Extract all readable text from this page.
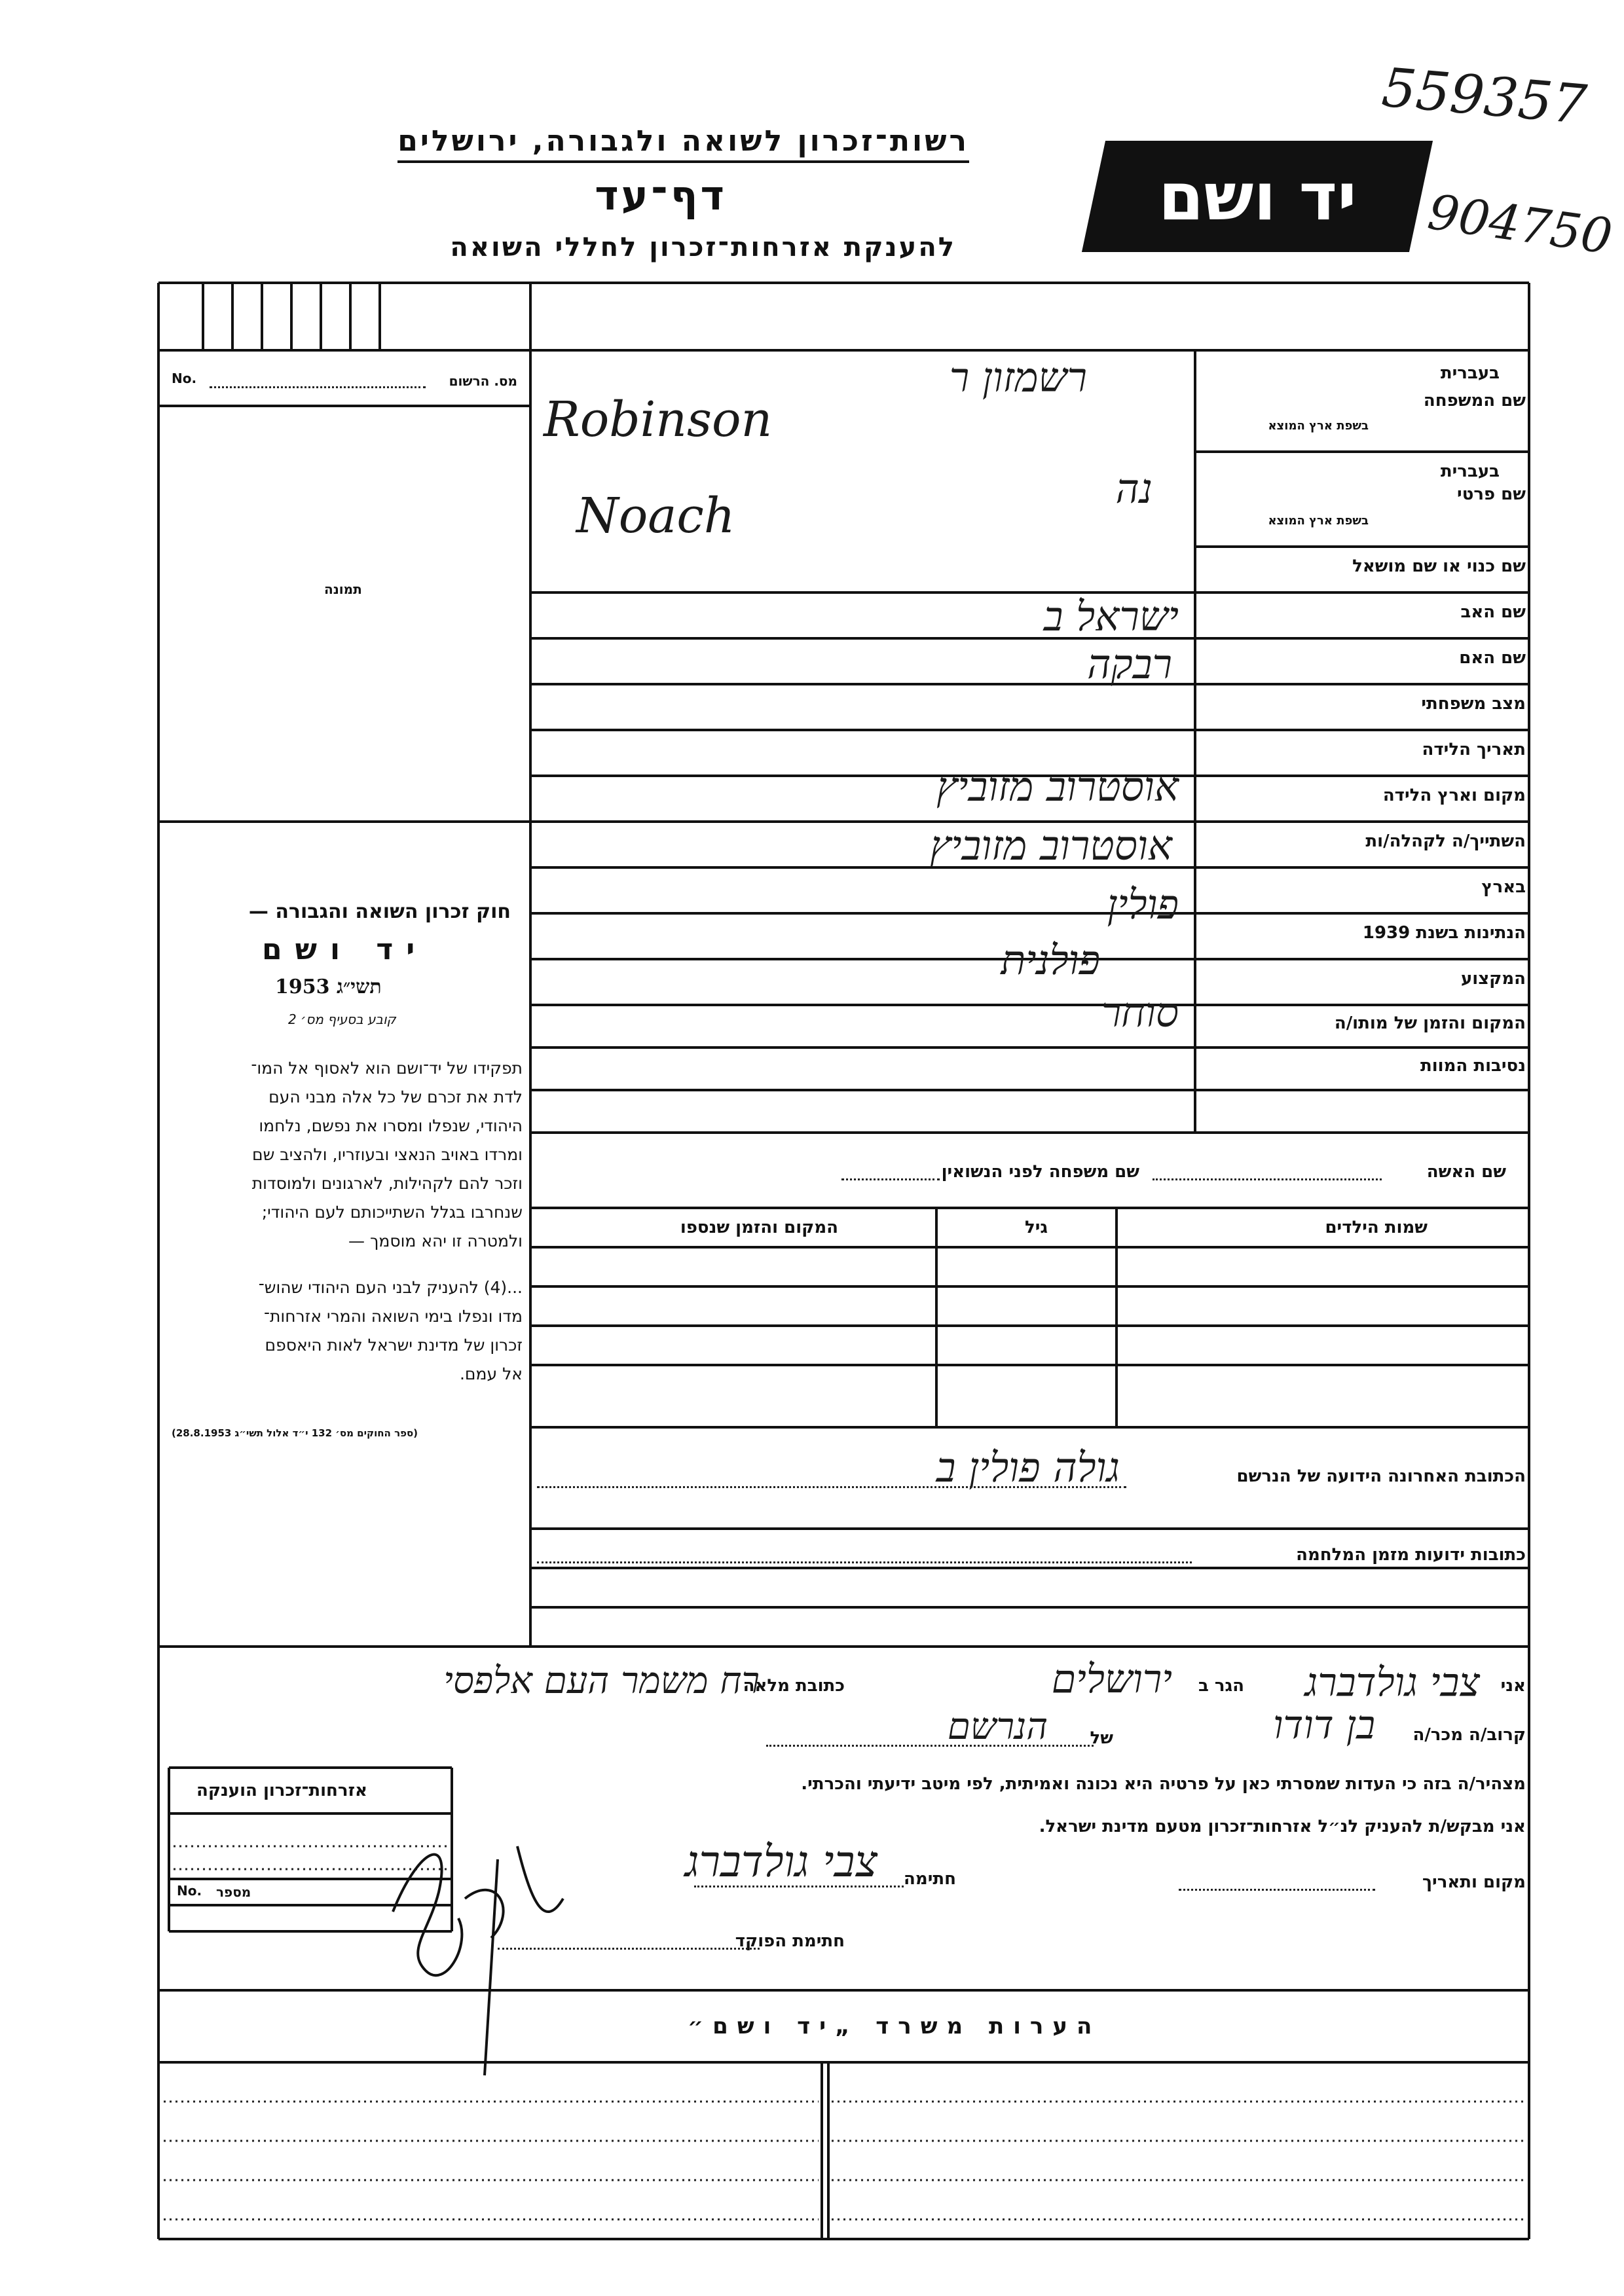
559357
904750
רשות־זכרון לשואה ולגבורה, ירושלים
דף־עד
להענקת אזרחות־זכרון לחללי השואה
יד ושם
מס. הרשום
No.
תמונה
חוק זכרון השואה והגבורה —
יד ושם
תשי״ג 1953
קובע בסעיף מס׳ 2
תפקידו של יד־ושם הוא לאסוף אל המו־
לדת את זכרם של כל אלה מבני העם
היהודי, שנפלו ומסרו את נפשם, נלחמו
ומרדו באויב הנאצי ובעוזריו, ולהציב שם
וזכר להם לקהילות, לארגונים ולמוסדות
שנחרבו בגלל השתייכותם לעם היהודי;
ולמטרה זו יהא מוסמך —
...(4) להעניק לבני העם היהודי שהוש־
מדו ונפלו בימי השואה והמרי אזרחות־
זכרון של מדינת ישראל לאות היאספם
אל עמם.
(ספר החוקים מס׳ 132 י״ד אלול תשי״ג 28.8.1953)
בעברית
שם המשפחה
בשפת ארץ המוצא
בעברית
שם פרטי
בשפת ארץ המוצא
שם כנוי או שם מושאל
שם האב
שם האם
מצב משפחתי
תאריך הלידה
מקום וארץ הלידה
השתייך/ה לקהלה/ות
בארץ
הנתינות בשנת 1939
המקצוע
המקום והזמן של מותו/ה
נסיבות המוות
רשמזון ר
Robinson
נה
Noach
ישראל ב
רבקה
אוסטרוב מזוביץ
אוסטרוב מזוביץ
פולין
פולנית
סוחר
שם האשה
שם משפחה לפני הנשואין
שמות הילדים
גיל
המקום והזמן שנספו
הכתובת האחרונה הידועה של הנרשם
גולה פולין ב
כתובות ידועות מזמן המלחמה
אני
צבי גולדברג
הגר ב
ירושלים
כתובת מלאה
רח משמר העם אלפסי
קרוב/ה מכר/ה
בן דודו
של
הנרשם
מצהיר/ה בזה כי העדות שמסרתי כאן על פרטיה היא נכונה ואמיתית, לפי מיטב ידיעתי והכרתי.
אני מבקש/ת להעניק לנ״ל אזרחות־זכרון מטעם מדינת ישראל.
מקום ותאריך
חתימה
צבי גולדברג
חתימת הפוקד
אזרחות־זכרון הוענקה
מספר
No.
הערות משרד „יד ושם״
